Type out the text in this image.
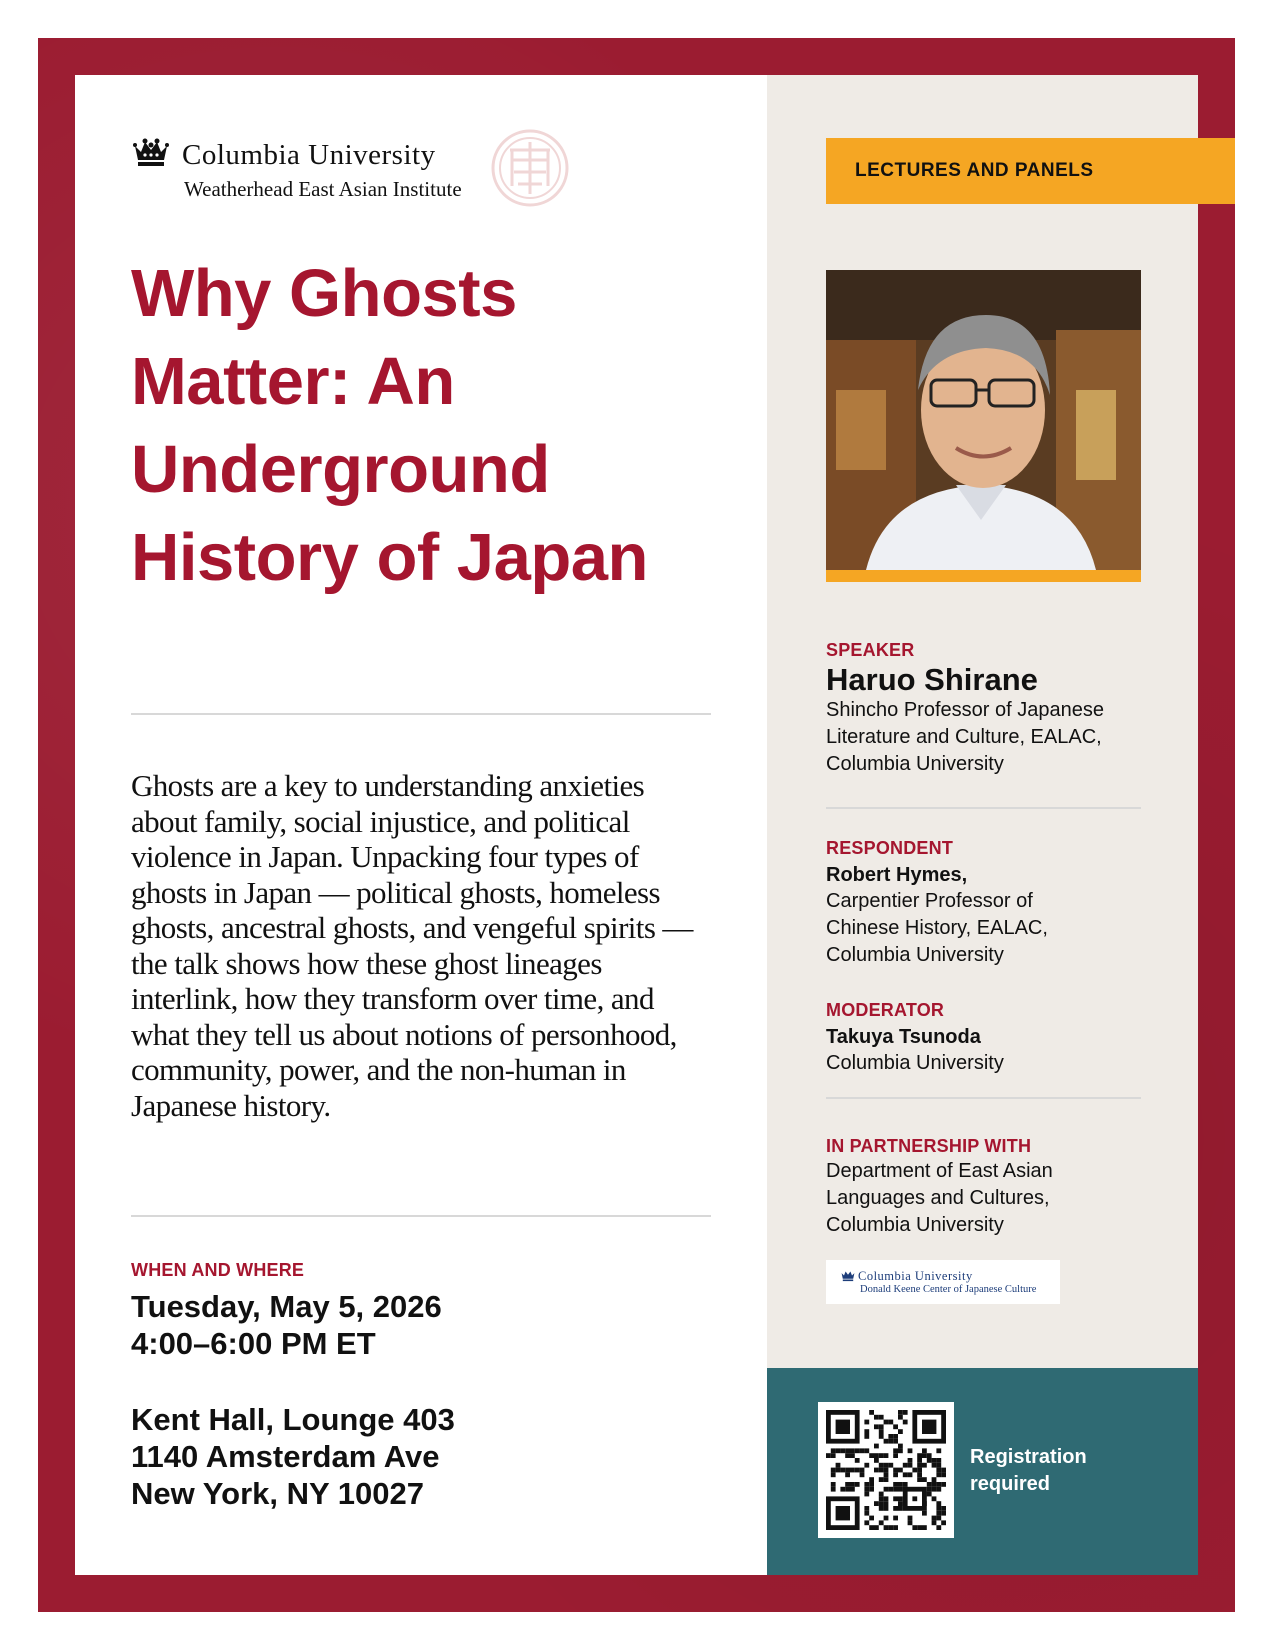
Columbia University
Weatherhead East Asian Institute
Why Ghosts Matter: An Underground History of Japan

Ghosts are a key to understanding anxieties about family, social injustice, and political violence in Japan. Unpacking four types of ghosts in Japan — political ghosts, homeless ghosts, ancestral ghosts, and vengeful spirits — the talk shows how these ghost lineages interlink, how they transform over time, and what they tell us about notions of personhood, community, power, and the non-human in Japanese history.

WHEN AND WHERE
Tuesday, May 5, 2026
4:00–6:00 PM ET
Kent Hall, Lounge 403
1140 Amsterdam Ave
New York, NY 10027
LECTURES AND PANELS
SPEAKER
Haruo Shirane

Shincho Professor of Japanese Literature and Culture, EALAC, Columbia University

RESPONDENT
Robert Hymes,

Carpentier Professor of Chinese History, EALAC, Columbia University

MODERATOR
Takuya Tsunoda

Columbia University

IN PARTNERSHIP WITH

Department of East Asian Languages and Cultures, Columbia University

Columbia University
Donald Keene Center of Japanese Culture

Registration required
